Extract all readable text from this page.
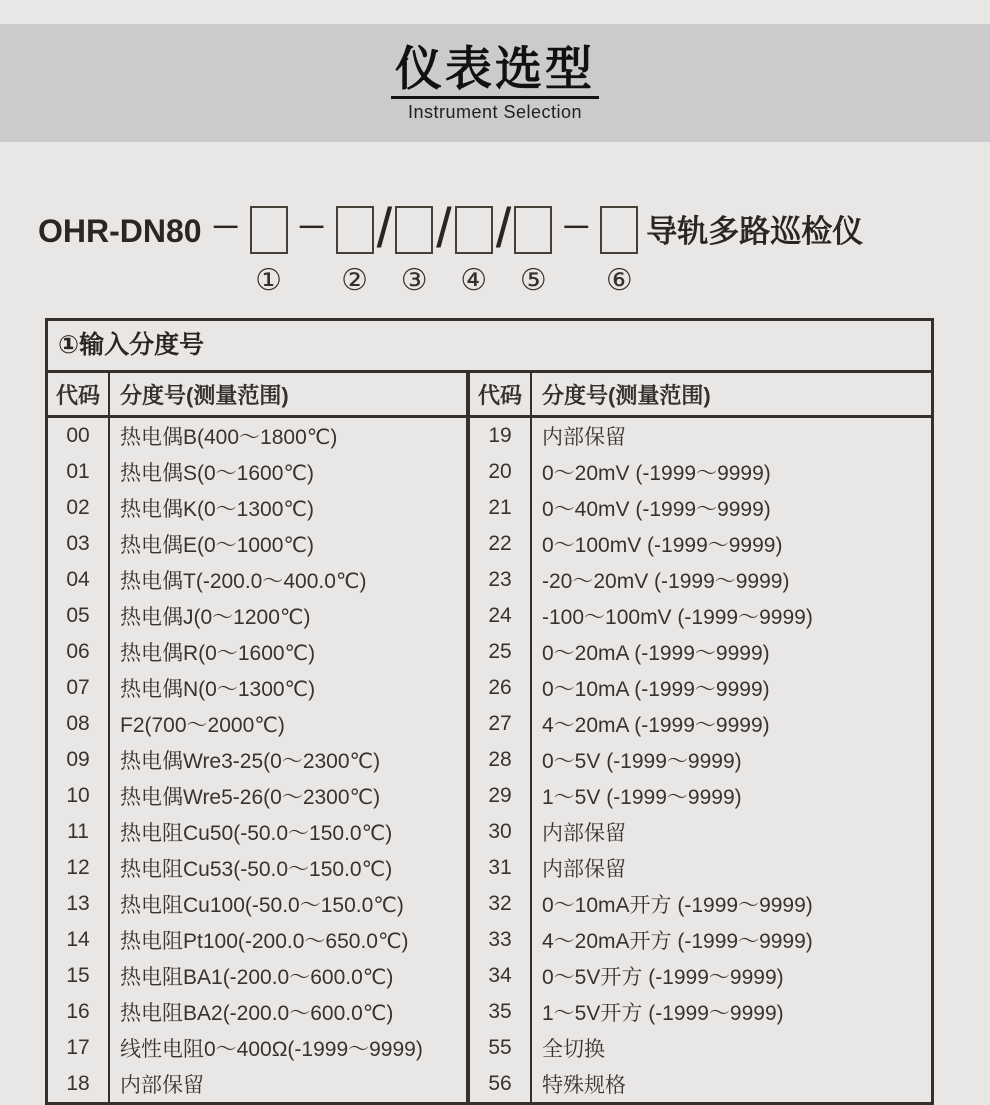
仪表选型
Instrument Selection
OHR-DN80 －
①
－
②
/
③
/
④
/
⑤
－
⑥
导轨多路巡检仪
①输入分度号
代码 分度号(测量范围)
00	热电偶B(400～1800℃)
01	热电偶S(0～1600℃)
02	热电偶K(0～1300℃)
03	热电偶E(0～1000℃)
04	热电偶T(-200.0～400.0℃)
05	热电偶J(0～1200℃)
06	热电偶R(0～1600℃)
07	热电偶N(0～1300℃)
08	F2(700～2000℃)
09	热电偶Wre3-25(0～2300℃)
10	热电偶Wre5-26(0～2300℃)
11	热电阻Cu50(-50.0～150.0℃)
12	热电阻Cu53(-50.0～150.0℃)
13	热电阻Cu100(-50.0～150.0℃)
14	热电阻Pt100(-200.0～650.0℃)
15	热电阻BA1(-200.0～600.0℃)
16	热电阻BA2(-200.0～600.0℃)
17	线性电阻0～400Ω(-1999～9999)
18	内部保留
代码 分度号(测量范围)
19	内部保留
20	0～20mV (-1999～9999)
21	0～40mV (-1999～9999)
22	0～100mV (-1999～9999)
23	-20～20mV (-1999～9999)
24	-100～100mV (-1999～9999)
25	0～20mA (-1999～9999)
26	0～10mA (-1999～9999)
27	4～20mA (-1999～9999)
28	0～5V (-1999～9999)
29	1～5V (-1999～9999)
30	内部保留
31	内部保留
32	0～10mA开方 (-1999～9999)
33	4～20mA开方 (-1999～9999)
34	0～5V开方 (-1999～9999)
35	1～5V开方 (-1999～9999)
55	全切换
56	特殊规格
